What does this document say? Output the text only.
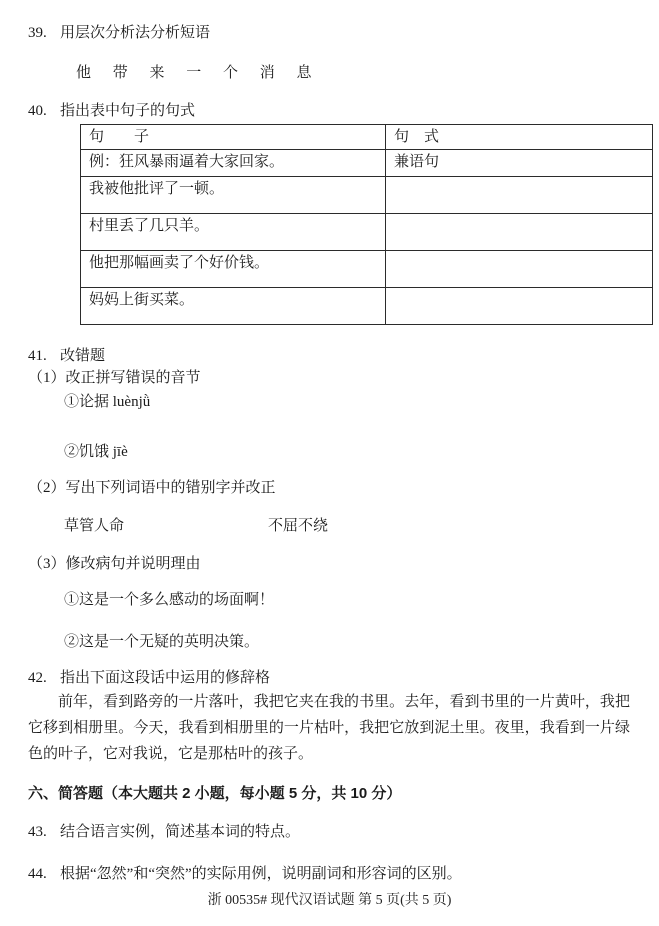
39. 用层次分析法分析短语
他 带 来 一 个 消 息
40. 指出表中句子的句式
句　　子	句　式
例：狂风暴雨逼着大家回家。	兼语句
我被他批评了一顿。	
村里丢了几只羊。	
他把那幅画卖了个好价钱。	
妈妈上街买菜。	
41. 改错题
（1）改正拼写错误的音节
①论据 luènjǜ
②饥饿 jīè
（2）写出下列词语中的错别字并改正
草管人命	不屈不绕
（3）修改病句并说明理由
①这是一个多么感动的场面啊！
②这是一个无疑的英明决策。
42. 指出下面这段话中运用的修辞格
前年，看到路旁的一片落叶，我把它夹在我的书里。去年，看到书里的一片黄叶，我把它移到相册里。今天，我看到相册里的一片枯叶，我把它放到泥土里。夜里，我看到一片绿色的叶子，它对我说，它是那枯叶的孩子。
六、简答题（本大题共 2 小题，每小题 5 分，共 10 分）
43. 结合语言实例，简述基本词的特点。
44. 根据“忽然”和“突然”的实际用例，说明副词和形容词的区别。
浙 00535# 现代汉语试题 第 5 页(共 5 页)
